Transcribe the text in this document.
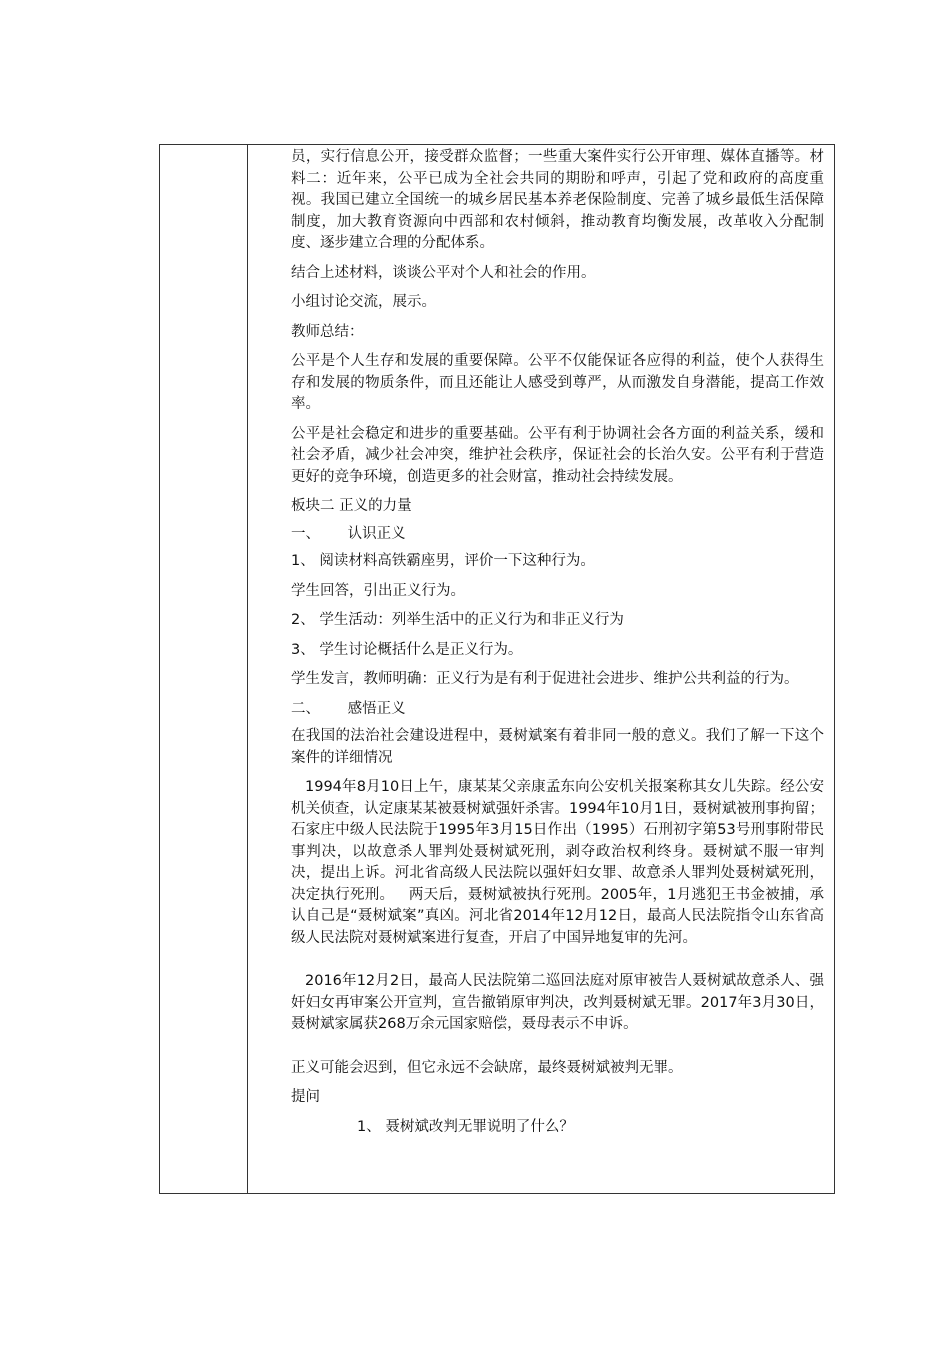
员，实行信息公开，接受群众监督；一些重大案件实行公开审理、媒体直播等。材料二：近年来，公平已成为全社会共同的期盼和呼声，引起了党和政府的高度重视。我国已建立全国统一的城乡居民基本养老保险制度、完善了城乡最低生活保障制度，加大教育资源向中西部和农村倾斜，推动教育均衡发展，改革收入分配制度、逐步建立合理的分配体系。

结合上述材料，谈谈公平对个人和社会的作用。

小组讨论交流，展示。

教师总结：

公平是个人生存和发展的重要保障。公平不仅能保证各应得的利益，使个人获得生存和发展的物质条件，而且还能让人感受到尊严，从而激发自身潜能，提高工作效率。

公平是社会稳定和进步的重要基础。公平有利于协调社会各方面的利益关系，缓和社会矛盾，减少社会冲突，维护社会秩序，保证社会的长治久安。公平有利于营造更好的竞争环境，创造更多的社会财富，推动社会持续发展。

板块二 正义的力量

一、      认识正义

1、 阅读材料高铁霸座男，评价一下这种行为。

学生回答，引出正义行为。

2、 学生活动：列举生活中的正义行为和非正义行为

3、 学生讨论概括什么是正义行为。

学生发言，教师明确：正义行为是有利于促进社会进步、维护公共利益的行为。

二、      感悟正义

在我国的法治社会建设进程中，聂树斌案有着非同一般的意义。我们了解一下这个案件的详细情况

1994年8月10日上午，康某某父亲康孟东向公安机关报案称其女儿失踪。经公安机关侦查，认定康某某被聂树斌强奸杀害。1994年10月1日，聂树斌被刑事拘留；石家庄中级人民法院于1995年3月15日作出（1995）石刑初字第53号刑事附带民事判决，以故意杀人罪判处聂树斌死刑，剥夺政治权利终身。聂树斌不服一审判决，提出上诉。河北省高级人民法院以强奸妇女罪、故意杀人罪判处聂树斌死刑，决定执行死刑。   两天后，聂树斌被执行死刑。2005年，1月逃犯王书金被捕，承认自己是“聂树斌案”真凶。河北省2014年12月12日，最高人民法院指令山东省高级人民法院对聂树斌案进行复查，开启了中国异地复审的先河。

2016年12月2日，最高人民法院第二巡回法庭对原审被告人聂树斌故意杀人、强奸妇女再审案公开宣判，宣告撤销原审判决，改判聂树斌无罪。2017年3月30日，聂树斌家属获268万余元国家赔偿，聂母表示不申诉。

正义可能会迟到，但它永远不会缺席，最终聂树斌被判无罪。

提问

1、 聂树斌改判无罪说明了什么？
